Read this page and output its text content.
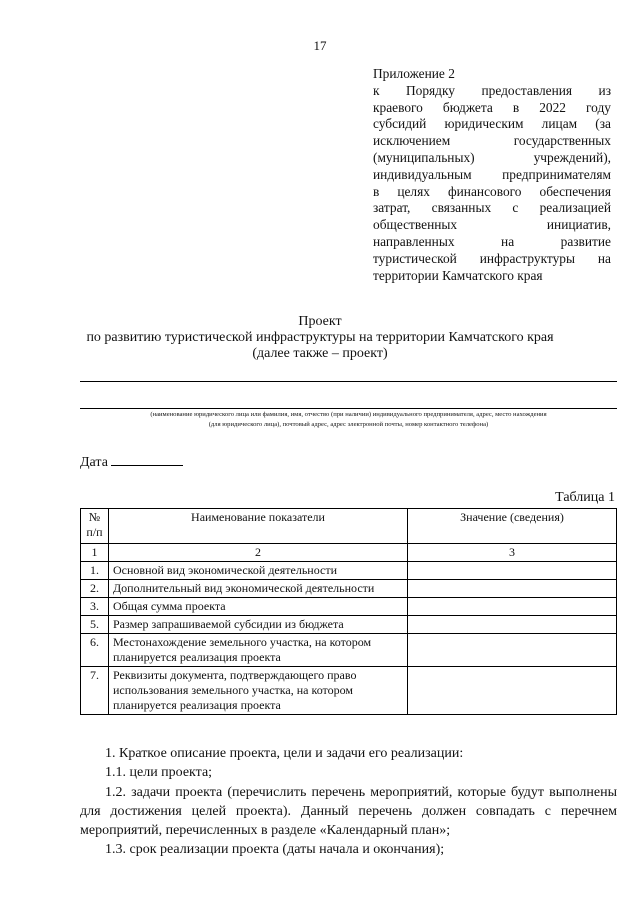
17
Приложение 2
к Порядку предоставления из
краевого бюджета в 2022 году
субсидий юридическим лицам (за
исключением государственных
(муниципальных) учреждений),
индивидуальным предпринимателям
в целях финансового обеспечения
затрат, связанных с реализацией
общественных инициатив,
направленных на развитие
туристической инфраструктуры на
территории Камчатского края
Проект
по развитию туристической инфраструктуры на территории Камчатского края
(далее также – проект)
(наименование юридического лица или фамилия, имя, отчество (при наличии) индивидуального предпринимателя, адрес, место нахождения
(для юридического лица), почтовый адрес, адрес электронной почты, номер контактного телефона)
Дата
Таблица 1
№ п/п	Наименование показатели	Значение (сведения)
1	2	3
1.	Основной вид экономической деятельности	
2.	Дополнительный вид экономической деятельности	
3.	Общая сумма проекта	
5.	Размер запрашиваемой субсидии из бюджета	
6.	Местонахождение земельного участка, на котором планируется реализация проекта	
7.	Реквизиты документа, подтверждающего право использования земельного участка, на котором планируется реализация проекта	

1. Краткое описание проекта, цели и задачи его реализации:

1.1. цели проекта;

1.2. задачи проекта (перечислить перечень мероприятий, которые будут выполнены для достижения целей проекта). Данный перечень должен совпадать с перечнем мероприятий, перечисленных в разделе «Календарный план»;

1.3. срок реализации проекта (даты начала и окончания);
